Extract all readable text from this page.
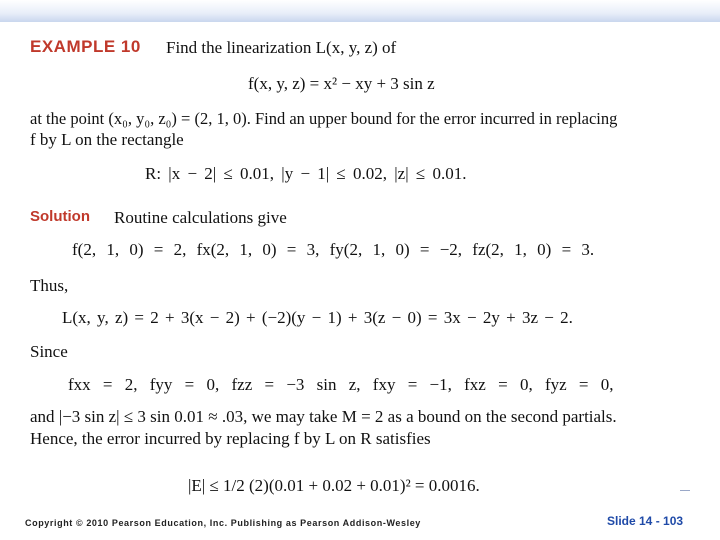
EXAMPLE 10 Find the linearization L(x, y, z) of
f(x, y, z) = x² − xy + 3 sin z
at the point (x₀, y₀, z₀) = (2, 1, 0). Find an upper bound for the error incurred in replacing
f by L on the rectangle
R: |x − 2| ≤ 0.01, |y − 1| ≤ 0.02, |z| ≤ 0.01.
Solution Routine calculations give
f(2, 1, 0) = 2, fx(2, 1, 0) = 3, fy(2, 1, 0) = −2, fz(2, 1, 0) = 3.
Thus,
L(x, y, z) = 2 + 3(x − 2) + (−2)(y − 1) + 3(z − 0) = 3x − 2y + 3z − 2.
Since
fxx = 2, fyy = 0, fzz = −3 sin z, fxy = −1, fxz = 0, fyz = 0,
and |−3 sin z| ≤ 3 sin 0.01 ≈ .03, we may take M = 2 as a bound on the second partials.
Hence, the error incurred by replacing f by L on R satisfies
|E| ≤ 1/2 (2)(0.01 + 0.02 + 0.01)² = 0.0016.
Copyright © 2010 Pearson Education, Inc. Publishing as Pearson Addison-Wesley	Slide 14 - 103
